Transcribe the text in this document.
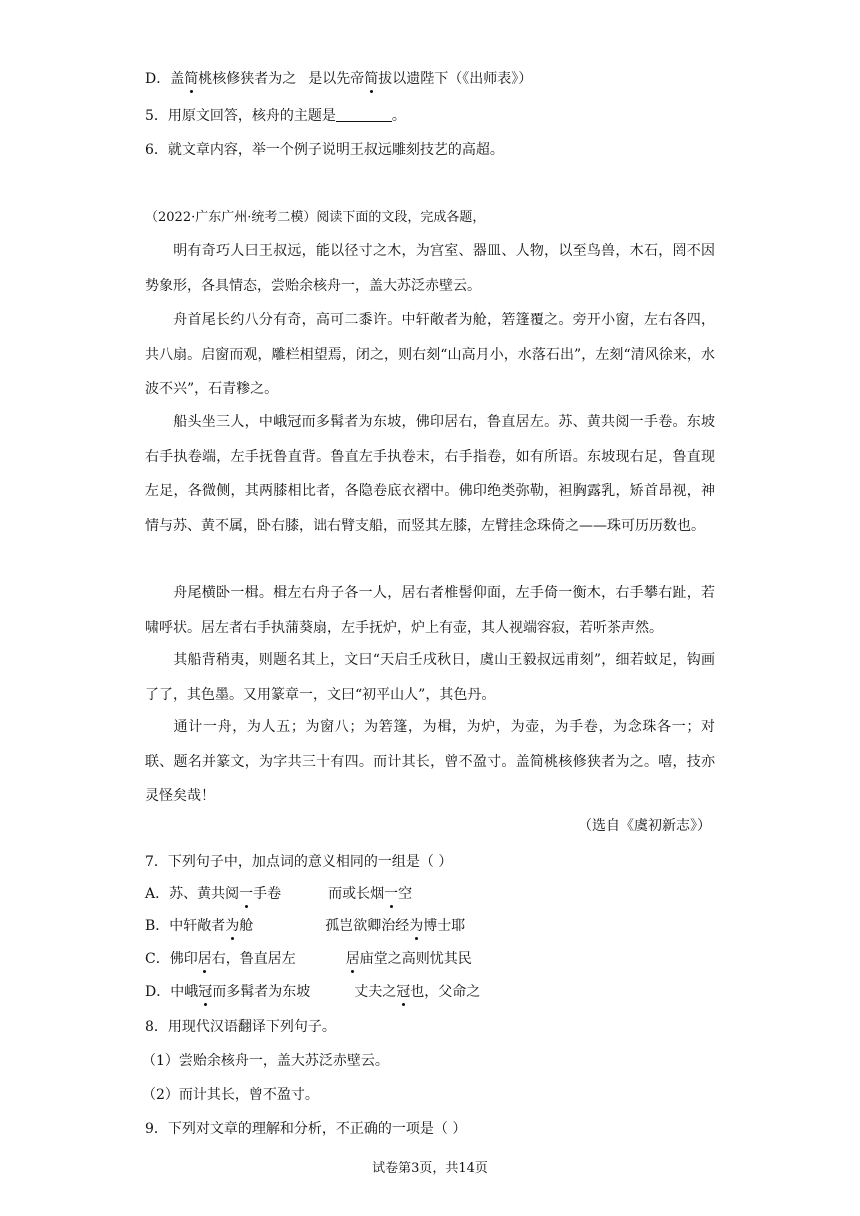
D．盖简桃核修狭者为之 是以先帝简拔以遗陛下（《出师表》）
5．用原文回答，核舟的主题是	。
6．就文章内容，举一个例子说明王叔远雕刻技艺的高超。
（2022·广东广州·统考二模）阅读下面的文段，完成各题，
明有奇巧人曰王叔远，能以径寸之木，为宫室、器皿、人物，以至鸟兽，木石，罔不因势象形，各具情态，尝贻余核舟一，盖大苏泛赤壁云。
舟首尾长约八分有奇，高可二黍许。中轩敞者为舱，箬篷覆之。旁开小窗，左右各四，共八扇。启窗而观，雕栏相望焉，闭之，则右刻“山高月小，水落石出”，左刻“清风徐来，水波不兴”，石青糁之。
船头坐三人，中峨冠而多髯者为东坡，佛印居右，鲁直居左。苏、黄共阅一手卷。东坡右手执卷端，左手抚鲁直背。鲁直左手执卷末，右手指卷，如有所语。东坡现右足，鲁直现左足，各微侧，其两膝相比者，各隐卷底衣褶中。佛印绝类弥勒，袒胸露乳，矫首昂视，神情与苏、黄不属，卧右膝，诎右臂支船，而竖其左膝，左臂挂念珠倚之——珠可历历数也。
舟尾横卧一楫。楫左右舟子各一人，居右者椎髻仰面，左手倚一衡木，右手攀右趾，若啸呼状。居左者右手执蒲葵扇，左手抚炉，炉上有壶，其人视端容寂，若听茶声然。
其船背稍夷，则题名其上，文曰“天启壬戌秋日，虞山王毅叔远甫刻”，细若蚊足，钩画了了，其色墨。又用篆章一，文曰“初平山人”，其色丹。
通计一舟，为人五；为窗八；为箬篷，为楫，为炉，为壶，为手卷，为念珠各一；对联、题名并篆文，为字共三十有四。而计其长，曾不盈寸。盖简桃核修狭者为之。嘻，技亦灵怪矣哉！
（选自《虞初新志》）
7．下列句子中，加点词的意义相同的一组是（ ）
A．苏、黄共阅一手卷	而或长烟一空
B．中轩敞者为舱	孤岂欲卿治经为博士耶
C．佛印居右，鲁直居左	居庙堂之高则忧其民
D．中峨冠而多髯者为东坡	丈夫之冠也，父命之
8．用现代汉语翻译下列句子。
（1）尝贻余核舟一，盖大苏泛赤壁云。
（2）而计其长，曾不盈寸。
9．下列对文章的理解和分析，不正确的一项是（ ）
试卷第3页，共14页
